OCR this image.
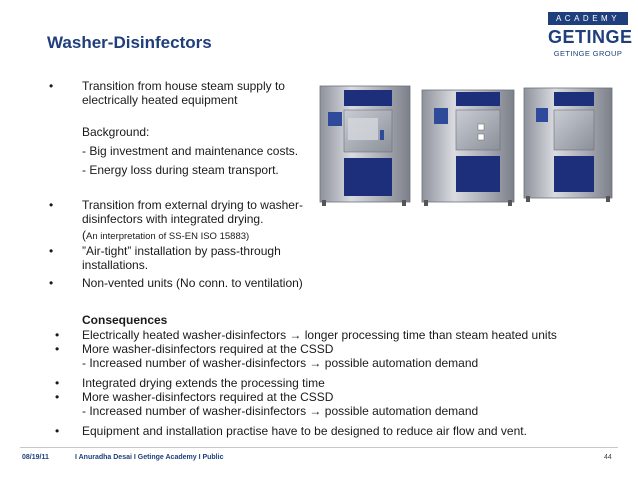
Washer-Disinfectors
ACADEMY
GETINGE
GETINGE GROUP
•	Transition from house steam supply to
electrically heated equipment
Background:
- Big investment and maintenance costs.
- Energy loss during steam transport.
•	Transition from external drying to washer-
disinfectors with integrated drying.
(An interpretation of SS-EN ISO 15883)
•	”Air-tight” installation by pass-through
installations.
•	Non-vented units (No conn. to ventilation)
Consequences
•	Electrically heated washer-disinfectors → longer processing time than steam heated units
•	More washer-disinfectors required at the CSSD
- Increased number of washer-disinfectors → possible automation demand
•	Integrated drying extends the processing time
•	More washer-disinfectors required at the CSSD
- Increased number of washer-disinfectors → possible automation demand
•	Equipment and installation practise have to be designed to reduce air flow and vent.
08/19/11	I Anuradha Desai I Getinge Academy I Public	44
